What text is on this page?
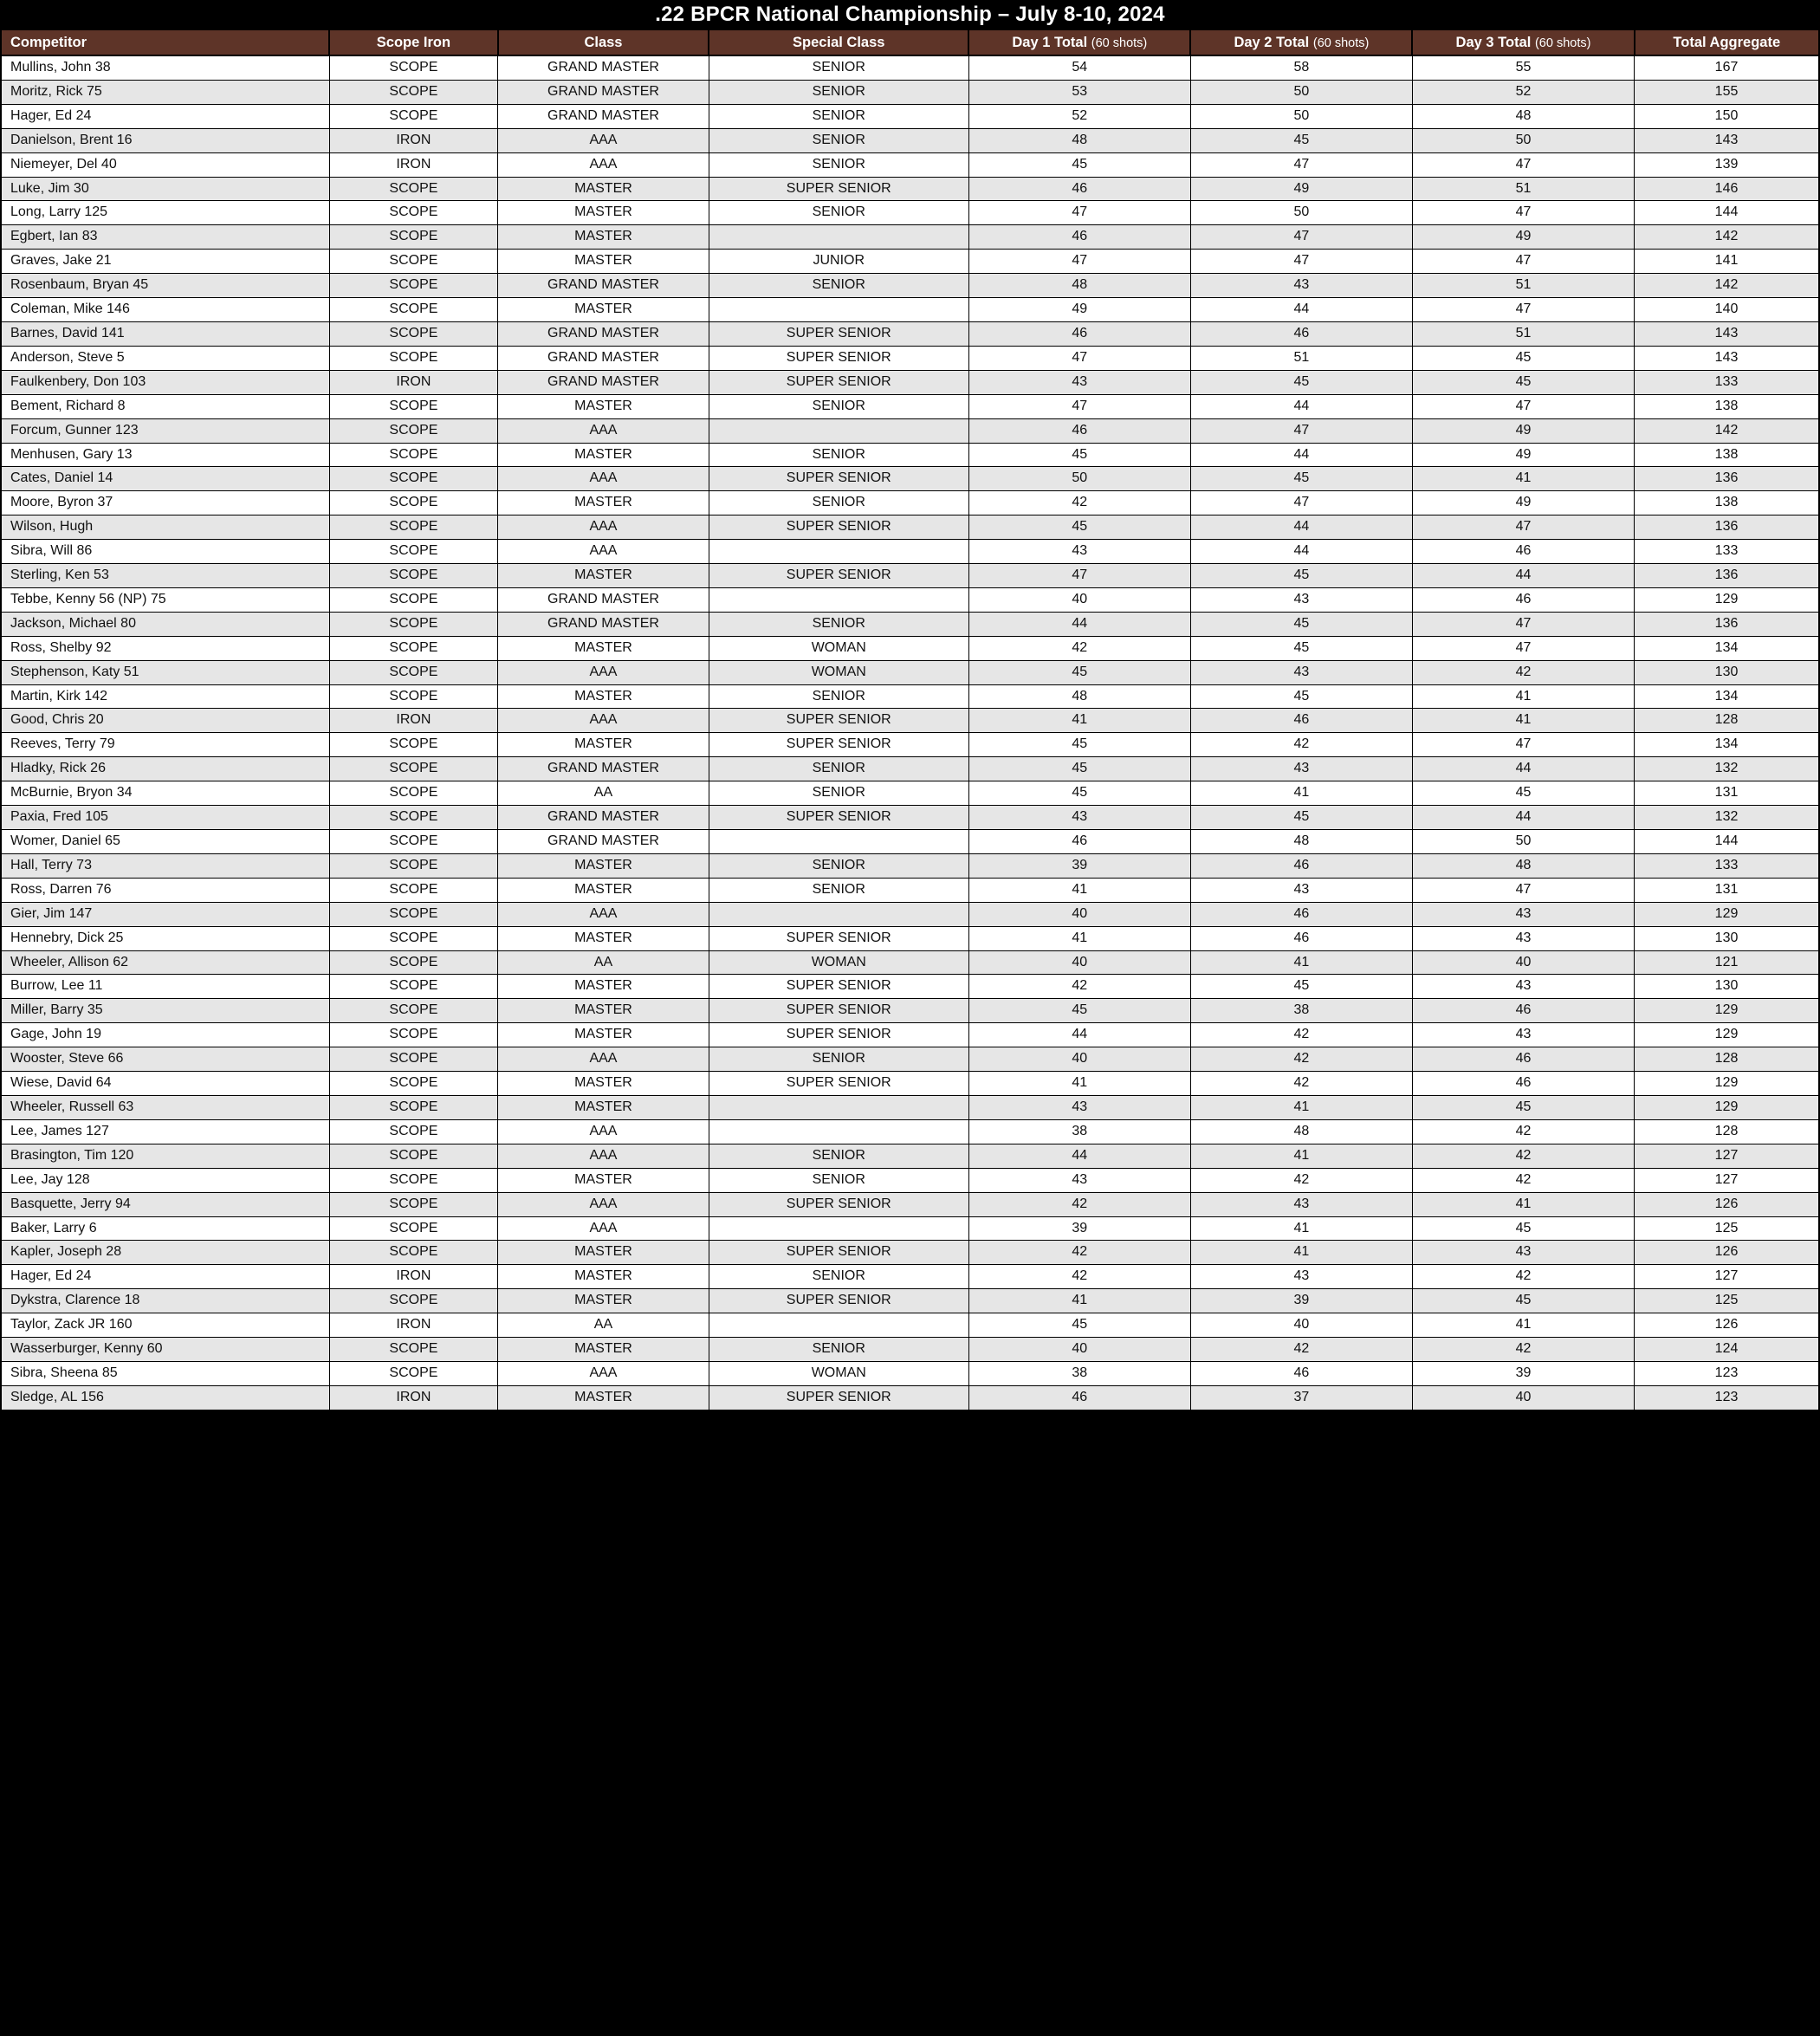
.22 BPCR National Championship – July 8-10, 2024
Competitor	Scope Iron	Class	Special Class	Day 1 Total (60 shots)	Day 2 Total (60 shots)	Day 3 Total (60 shots)	Total Aggregate
Mullins, John 38	SCOPE	GRAND MASTER	SENIOR	54	58	55	167
Moritz, Rick 75	SCOPE	GRAND MASTER	SENIOR	53	50	52	155
Hager, Ed 24	SCOPE	GRAND MASTER	SENIOR	52	50	48	150
Danielson, Brent 16	IRON	AAA	SENIOR	48	45	50	143
Niemeyer, Del 40	IRON	AAA	SENIOR	45	47	47	139
Luke, Jim 30	SCOPE	MASTER	SUPER SENIOR	46	49	51	146
Long, Larry 125	SCOPE	MASTER	SENIOR	47	50	47	144
Egbert, Ian 83	SCOPE	MASTER		46	47	49	142
Graves, Jake 21	SCOPE	MASTER	JUNIOR	47	47	47	141
Rosenbaum, Bryan 45	SCOPE	GRAND MASTER	SENIOR	48	43	51	142
Coleman, Mike 146	SCOPE	MASTER		49	44	47	140
Barnes, David 141	SCOPE	GRAND MASTER	SUPER SENIOR	46	46	51	143
Anderson, Steve 5	SCOPE	GRAND MASTER	SUPER SENIOR	47	51	45	143
Faulkenbery, Don 103	IRON	GRAND MASTER	SUPER SENIOR	43	45	45	133
Bement, Richard 8	SCOPE	MASTER	SENIOR	47	44	47	138
Forcum, Gunner 123	SCOPE	AAA		46	47	49	142
Menhusen, Gary 13	SCOPE	MASTER	SENIOR	45	44	49	138
Cates, Daniel 14	SCOPE	AAA	SUPER SENIOR	50	45	41	136
Moore, Byron 37	SCOPE	MASTER	SENIOR	42	47	49	138
Wilson, Hugh	SCOPE	AAA	SUPER SENIOR	45	44	47	136
Sibra, Will 86	SCOPE	AAA		43	44	46	133
Sterling, Ken 53	SCOPE	MASTER	SUPER SENIOR	47	45	44	136
Tebbe, Kenny 56 (NP) 75	SCOPE	GRAND MASTER		40	43	46	129
Jackson, Michael 80	SCOPE	GRAND MASTER	SENIOR	44	45	47	136
Ross, Shelby 92	SCOPE	MASTER	WOMAN	42	45	47	134
Stephenson, Katy 51	SCOPE	AAA	WOMAN	45	43	42	130
Martin, Kirk 142	SCOPE	MASTER	SENIOR	48	45	41	134
Good, Chris 20	IRON	AAA	SUPER SENIOR	41	46	41	128
Reeves, Terry 79	SCOPE	MASTER	SUPER SENIOR	45	42	47	134
Hladky, Rick 26	SCOPE	GRAND MASTER	SENIOR	45	43	44	132
McBurnie, Bryon 34	SCOPE	AA	SENIOR	45	41	45	131
Paxia, Fred 105	SCOPE	GRAND MASTER	SUPER SENIOR	43	45	44	132
Womer, Daniel 65	SCOPE	GRAND MASTER		46	48	50	144
Hall, Terry 73	SCOPE	MASTER	SENIOR	39	46	48	133
Ross, Darren 76	SCOPE	MASTER	SENIOR	41	43	47	131
Gier, Jim 147	SCOPE	AAA		40	46	43	129
Hennebry, Dick 25	SCOPE	MASTER	SUPER SENIOR	41	46	43	130
Wheeler, Allison 62	SCOPE	AA	WOMAN	40	41	40	121
Burrow, Lee 11	SCOPE	MASTER	SUPER SENIOR	42	45	43	130
Miller, Barry 35	SCOPE	MASTER	SUPER SENIOR	45	38	46	129
Gage, John 19	SCOPE	MASTER	SUPER SENIOR	44	42	43	129
Wooster, Steve 66	SCOPE	AAA	SENIOR	40	42	46	128
Wiese, David 64	SCOPE	MASTER	SUPER SENIOR	41	42	46	129
Wheeler, Russell 63	SCOPE	MASTER		43	41	45	129
Lee, James 127	SCOPE	AAA		38	48	42	128
Brasington, Tim 120	SCOPE	AAA	SENIOR	44	41	42	127
Lee, Jay 128	SCOPE	MASTER	SENIOR	43	42	42	127
Basquette, Jerry 94	SCOPE	AAA	SUPER SENIOR	42	43	41	126
Baker, Larry 6	SCOPE	AAA		39	41	45	125
Kapler, Joseph 28	SCOPE	MASTER	SUPER SENIOR	42	41	43	126
Hager, Ed 24	IRON	MASTER	SENIOR	42	43	42	127
Dykstra, Clarence 18	SCOPE	MASTER	SUPER SENIOR	41	39	45	125
Taylor, Zack JR 160	IRON	AA		45	40	41	126
Wasserburger, Kenny 60	SCOPE	MASTER	SENIOR	40	42	42	124
Sibra, Sheena 85	SCOPE	AAA	WOMAN	38	46	39	123
Sledge, AL 156	IRON	MASTER	SUPER SENIOR	46	37	40	123
